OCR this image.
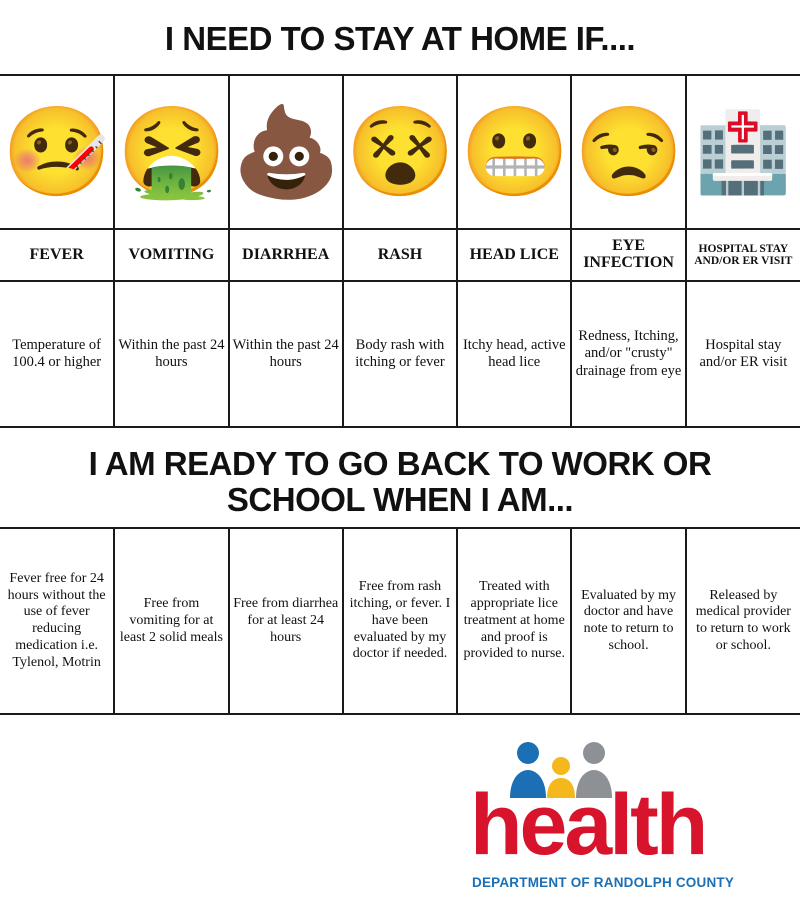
I NEED TO STAY AT HOME IF....
🤒	🤮	💩	😵	😬	😒	🏥

FEVER	VOMITING	DIARRHEA	RASH	HEAD LICE	EYE INFECTION	HOSPITAL STAY AND/OR ER VISIT
Temperature of 100.4 or higher	Within the past 24 hours	Within the past 24 hours	Body rash with itching or fever	Itchy head, active head lice	Redness, Itching, and/or "crusty" drainage from eye	Hospital stay and/or ER visit
I AM READY TO GO BACK TO WORK OR SCHOOL WHEN I AM...
Fever free for 24 hours without the use of fever reducing medication i.e. Tylenol, Motrin	Free from vomiting for at least 2 solid meals	Free from diarrhea for at least 24 hours	Free from rash itching, or fever. I have been evaluated by my doctor if needed.	Treated with appropriate lice treatment at home and proof is provided to nurse.	Evaluated by my doctor and have note to return to school.	Released by medical provider to return to work or school.
health
DEPARTMENT OF RANDOLPH COUNTY
